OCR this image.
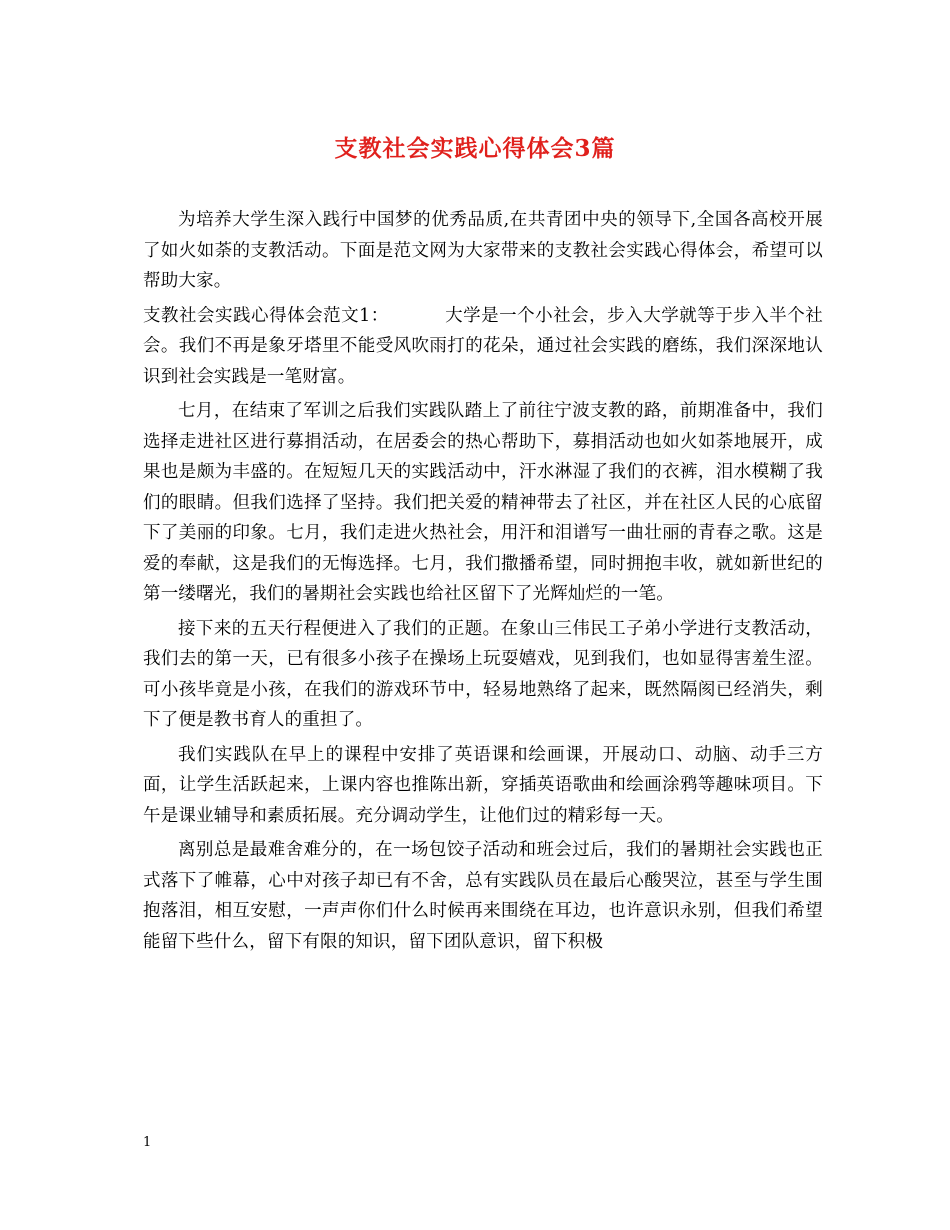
支教社会实践心得体会3篇

为培养大学生深入践行中国梦的优秀品质,在共青团中央的领导下,全国各高校开展了如火如荼的支教活动。下面是范文网为大家带来的支教社会实践心得体会，希望可以帮助大家。

支教社会实践心得体会范文1：	大学是一个小社会，步入大学就等于步入半个社会。我们不再是象牙塔里不能受风吹雨打的花朵，通过社会实践的磨练，我们深深地认识到社会实践是一笔财富。

七月，在结束了军训之后我们实践队踏上了前往宁波支教的路，前期准备中，我们选择走进社区进行募捐活动，在居委会的热心帮助下，募捐活动也如火如荼地展开，成果也是颇为丰盛的。在短短几天的实践活动中，汗水淋湿了我们的衣裤，泪水模糊了我们的眼睛。但我们选择了坚持。我们把关爱的精神带去了社区，并在社区人民的心底留下了美丽的印象。七月，我们走进火热社会，用汗和泪谱写一曲壮丽的青春之歌。这是爱的奉献，这是我们的无悔选择。七月，我们撒播希望，同时拥抱丰收，就如新世纪的第一缕曙光，我们的暑期社会实践也给社区留下了光辉灿烂的一笔。

接下来的五天行程便进入了我们的正题。在象山三伟民工子弟小学进行支教活动，我们去的第一天，已有很多小孩子在操场上玩耍嬉戏，见到我们，也如显得害羞生涩。可小孩毕竟是小孩，在我们的游戏环节中，轻易地熟络了起来，既然隔阂已经消失，剩下了便是教书育人的重担了。

我们实践队在早上的课程中安排了英语课和绘画课，开展动口、动脑、动手三方面，让学生活跃起来，上课内容也推陈出新，穿插英语歌曲和绘画涂鸦等趣味项目。下午是课业辅导和素质拓展。充分调动学生，让他们过的精彩每一天。

离别总是最难舍难分的，在一场包饺子活动和班会过后，我们的暑期社会实践也正式落下了帷幕，心中对孩子却已有不舍，总有实践队员在最后心酸哭泣，甚至与学生围抱落泪，相互安慰，一声声你们什么时候再来围绕在耳边，也许意识永别，但我们希望能留下些什么，留下有限的知识，留下团队意识，留下积极

1
